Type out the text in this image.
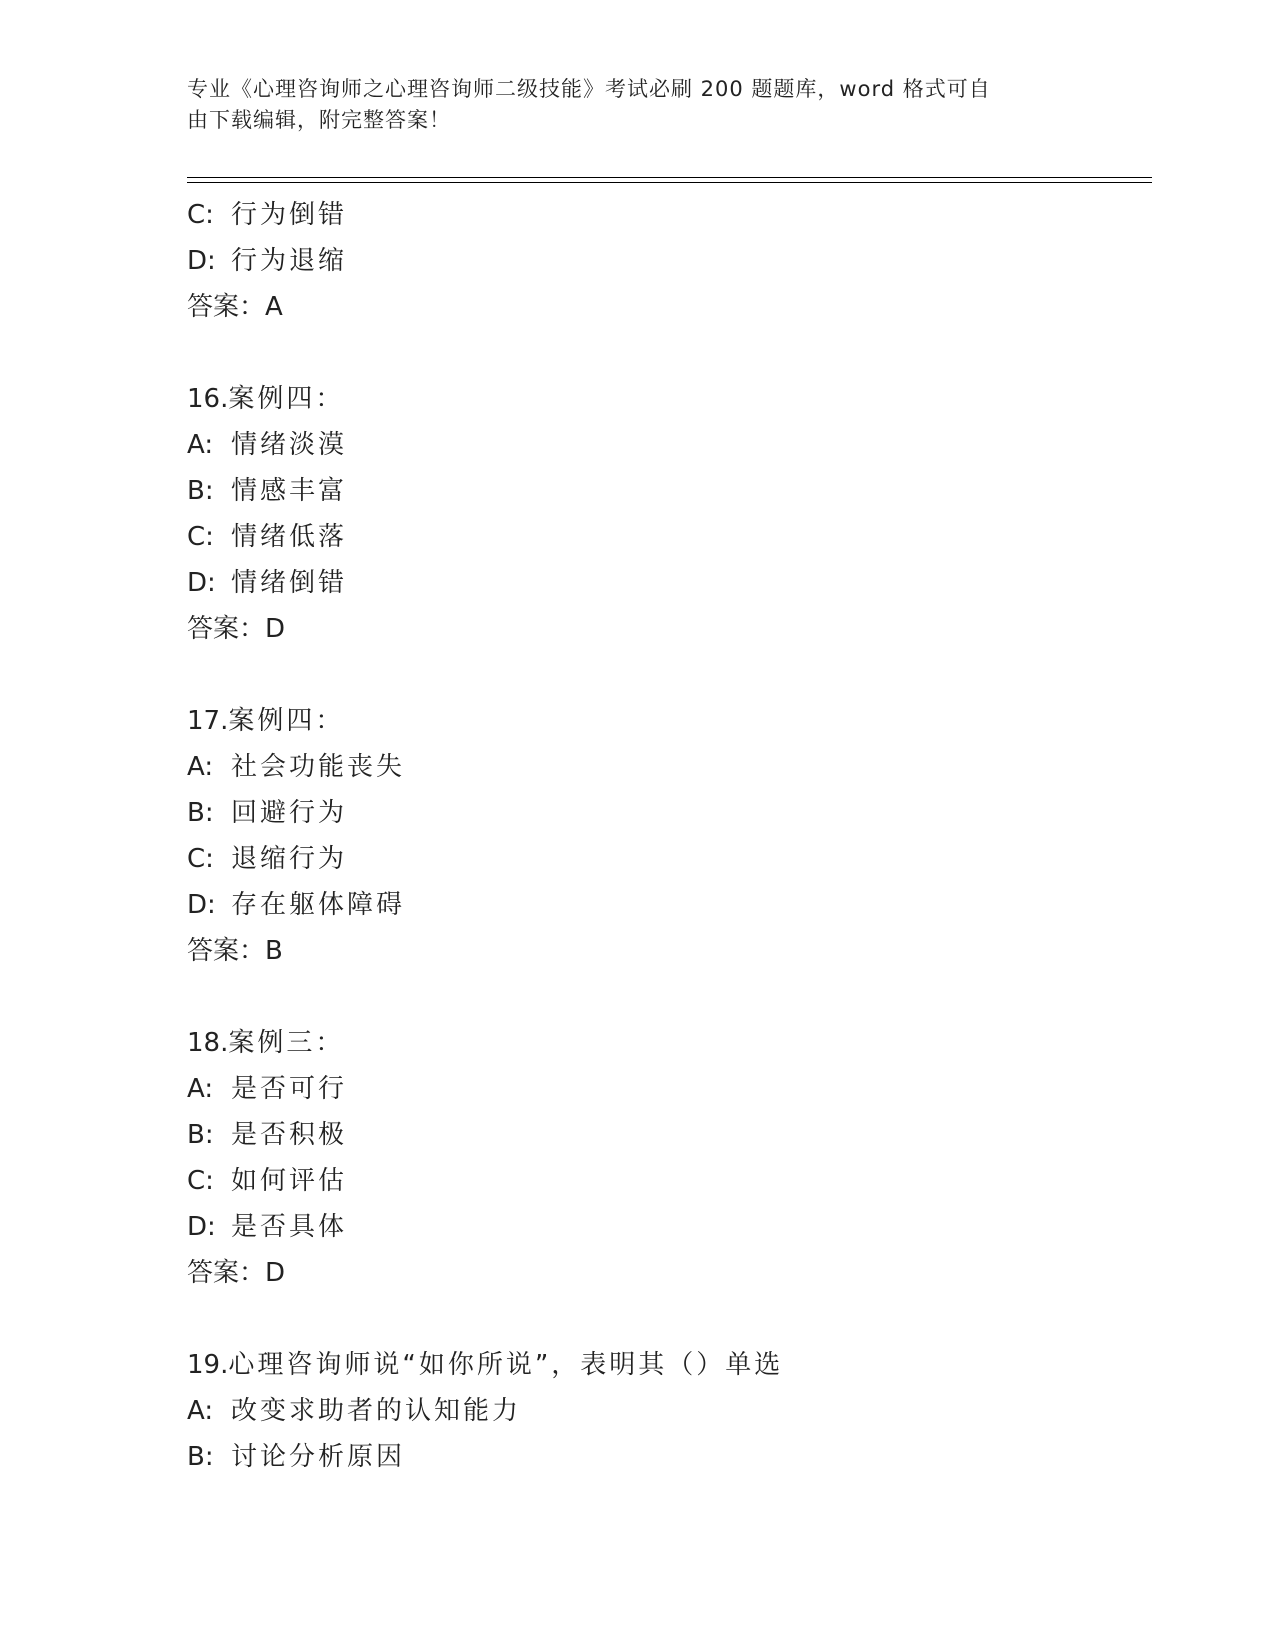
专业《心理咨询师之心理咨询师二级技能》考试必刷 200 题题库，word 格式可自
由下载编辑，附完整答案！
C: 行为倒错
D: 行为退缩
答案：A
16.案例四：
A: 情绪淡漠
B: 情感丰富
C: 情绪低落
D: 情绪倒错
答案：D
17.案例四：
A: 社会功能丧失
B: 回避行为
C: 退缩行为
D: 存在躯体障碍
答案：B
18.案例三：
A: 是否可行
B: 是否积极
C: 如何评估
D: 是否具体
答案：D
19.心理咨询师说“如你所说”，表明其（）单选
A: 改变求助者的认知能力
B: 讨论分析原因
